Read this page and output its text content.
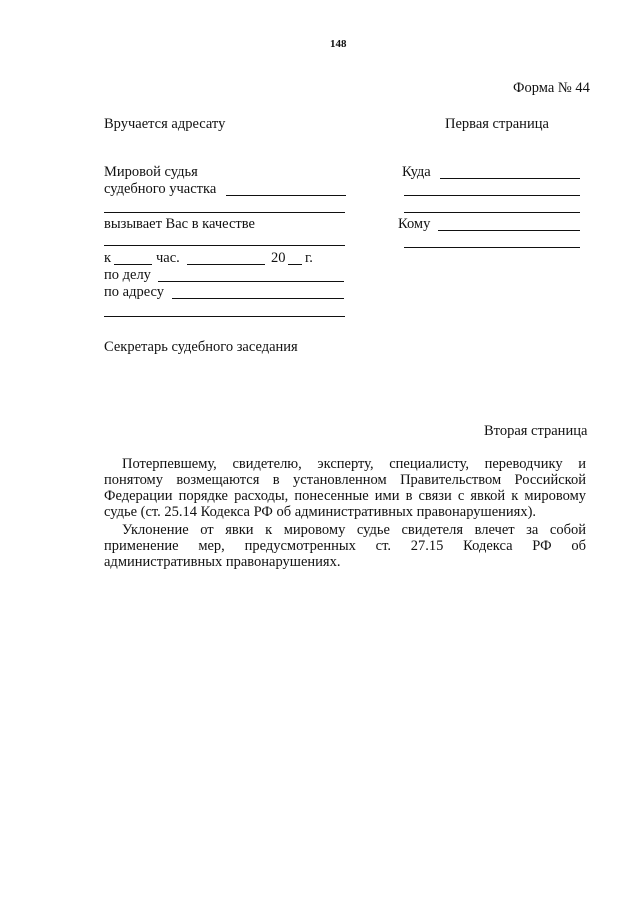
148
Форма № 44
Вручается адресату	Первая страница
Мировой судья
судебного участка
вызывает Вас в качестве
к	час.	20 г.
по делу
по адресу
Секретарь судебного заседания
Куда
Кому
Вторая страница
Потерпевшему, свидетелю, эксперту, специалисту, переводчику и понятому возмещаются в установленном Правительством Российской Федерации порядке расходы, понесенные ими в связи с явкой к мировому судье (ст. 25.14 Кодекса РФ об административных правонарушениях).
Уклонение от явки к мировому судье свидетеля влечет за собой применение мер, предусмотренных ст. 27.15 Кодекса РФ об административных правонарушениях.
